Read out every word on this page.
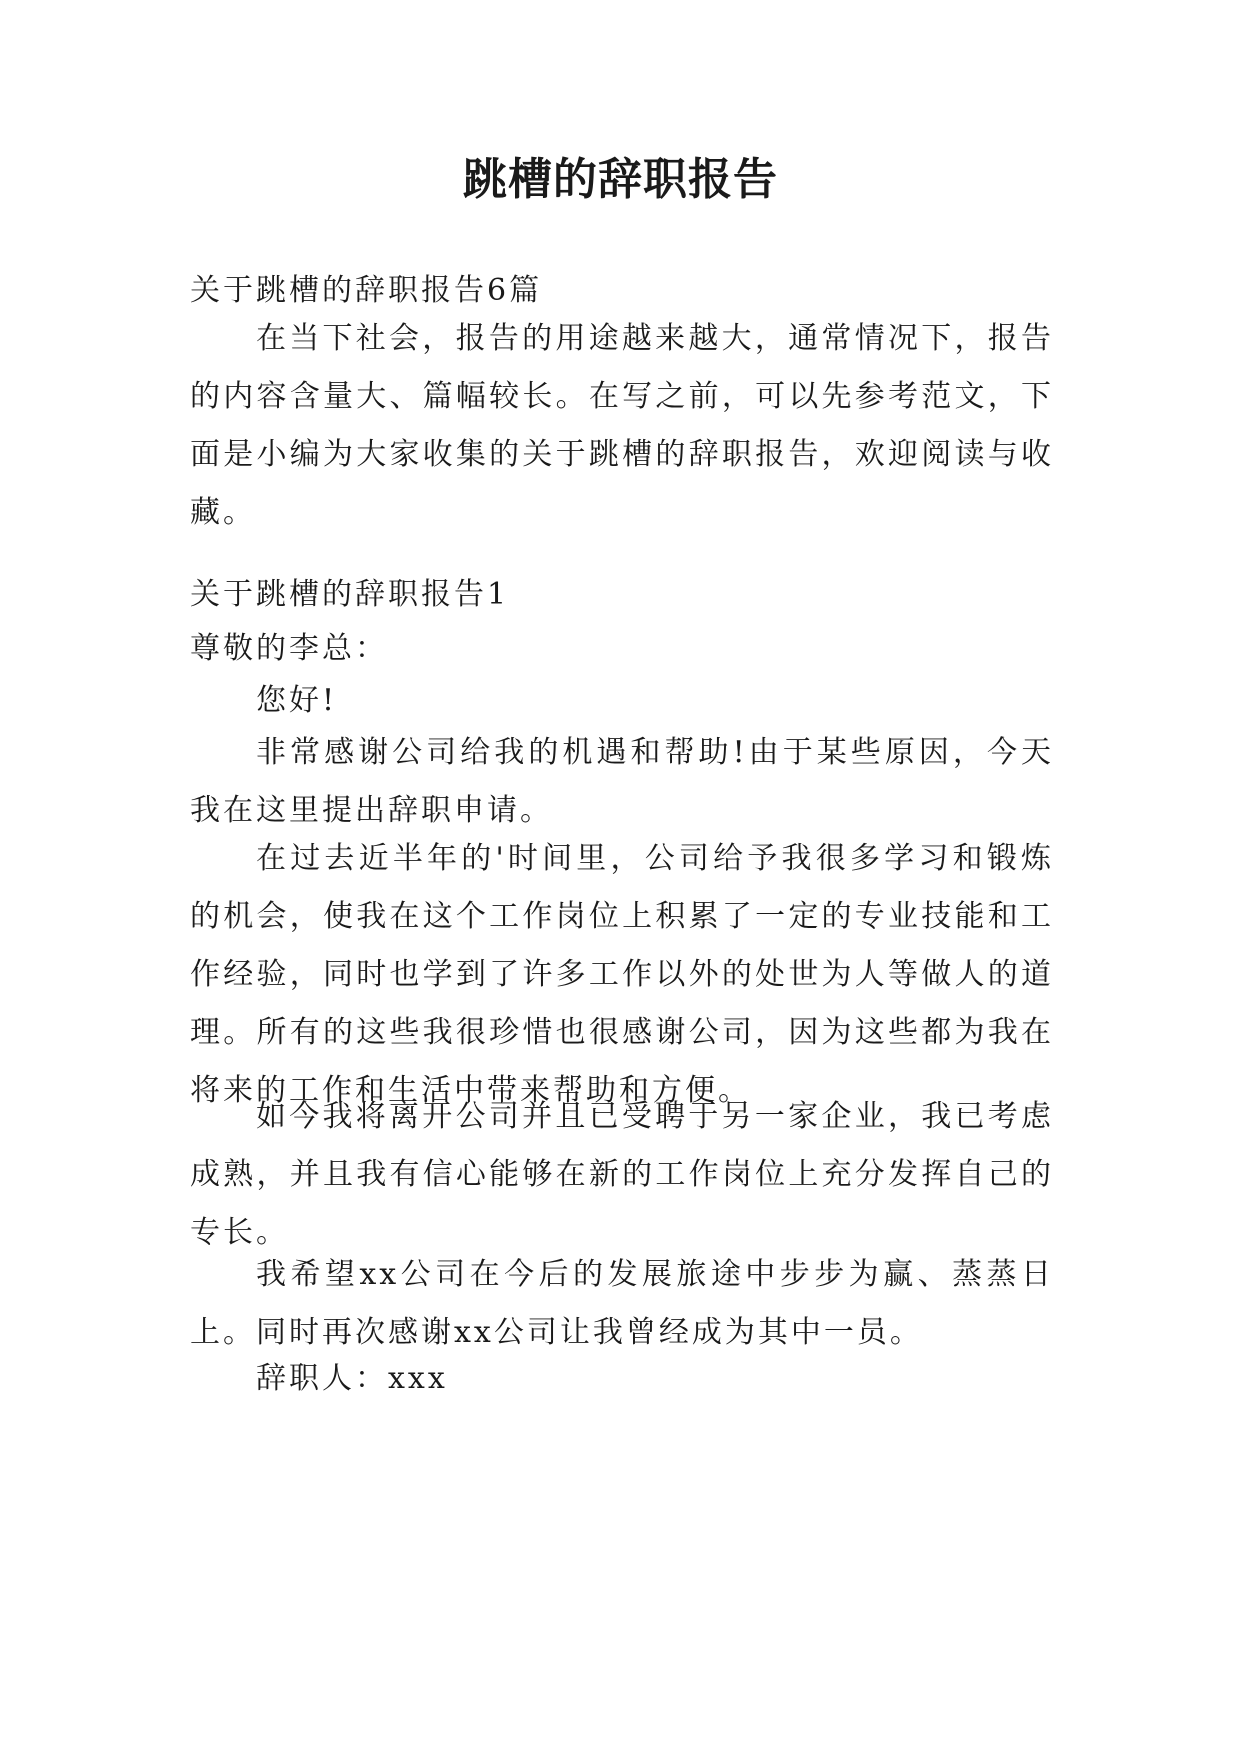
跳槽的辞职报告
关于跳槽的辞职报告6篇
在当下社会，报告的用途越来越大，通常情况下，报告的内容含量大、篇幅较长。在写之前，可以先参考范文，下面是小编为大家收集的关于跳槽的辞职报告，欢迎阅读与收藏。
关于跳槽的辞职报告1
尊敬的李总：
您好!
非常感谢公司给我的机遇和帮助!由于某些原因，今天我在这里提出辞职申请。
在过去近半年的'时间里，公司给予我很多学习和锻炼的机会，使我在这个工作岗位上积累了一定的专业技能和工作经验，同时也学到了许多工作以外的处世为人等做人的道理。所有的这些我很珍惜也很感谢公司，因为这些都为我在将来的工作和生活中带来帮助和方便。
如今我将离开公司并且已受聘于另一家企业，我已考虑成熟，并且我有信心能够在新的工作岗位上充分发挥自己的专长。
我希望xx公司在今后的发展旅途中步步为赢、蒸蒸日上。同时再次感谢xx公司让我曾经成为其中一员。
辞职人：xxx
